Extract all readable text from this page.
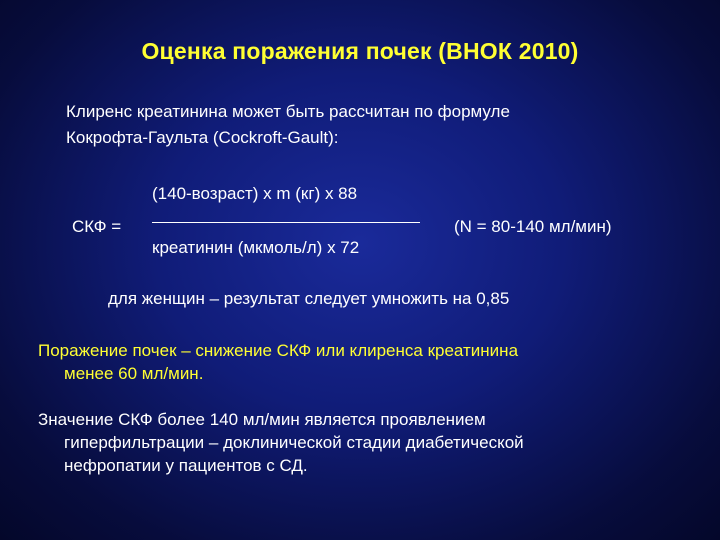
Оценка поражения почек (ВНОК 2010)
Клиренс креатинина может быть рассчитан по формуле
Кокрофта-Гаульта (Cockroft-Gault):
СКФ =
(140-возраст) x m (кг) x 88
креатинин (мкмоль/л) x 72
(N = 80-140 мл/мин)
для женщин – результат следует умножить на 0,85
Поражение почек – снижение СКФ или клиренса креатинина
менее 60 мл/мин.
Значение СКФ более 140 мл/мин является проявлением
гиперфильтрации – доклинической стадии диабетической
нефропатии у пациентов с СД.
